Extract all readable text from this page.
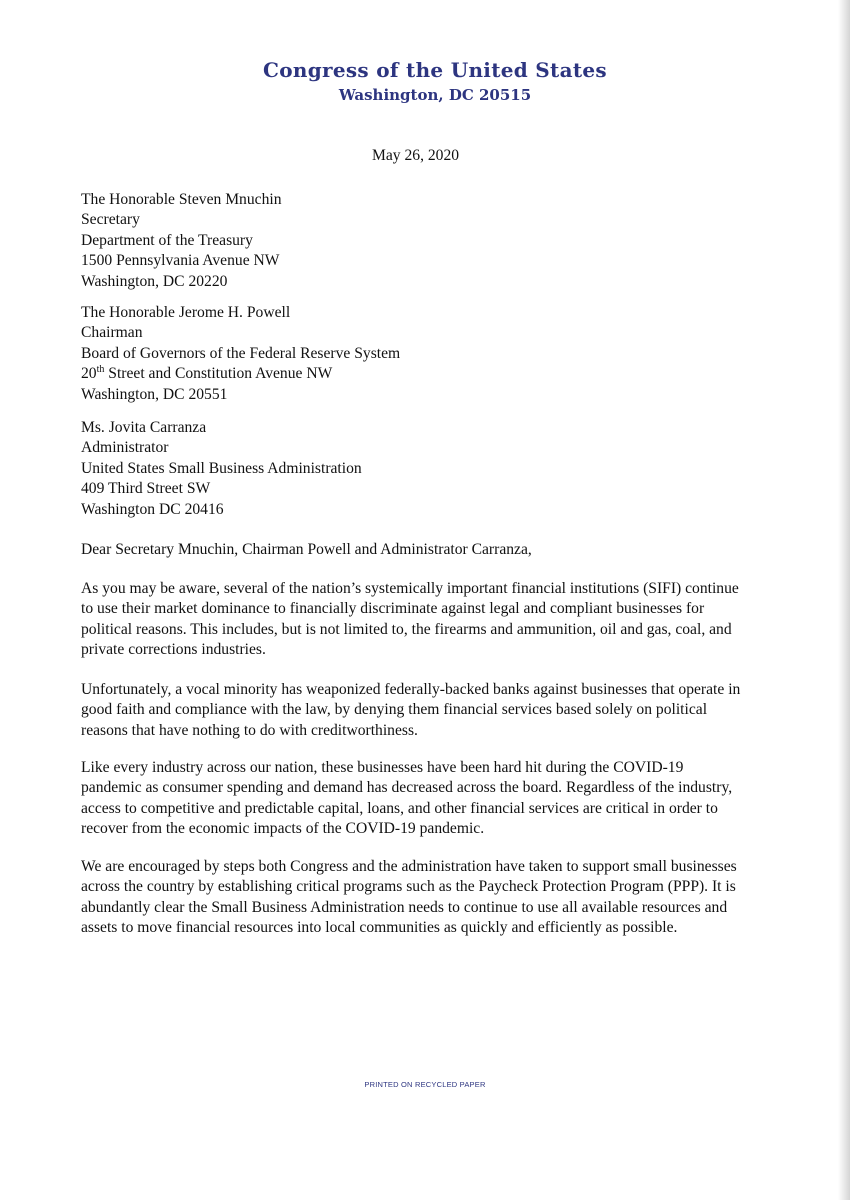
Congress of the United States
Washington, DC 20515
May 26, 2020
The Honorable Steven Mnuchin
Secretary
Department of the Treasury
1500 Pennsylvania Avenue NW
Washington, DC 20220
The Honorable Jerome H. Powell
Chairman
Board of Governors of the Federal Reserve System
20th Street and Constitution Avenue NW
Washington, DC 20551
Ms. Jovita Carranza
Administrator
United States Small Business Administration
409 Third Street SW
Washington DC 20416
Dear Secretary Mnuchin, Chairman Powell and Administrator Carranza,

As you may be aware, several of the nation’s systemically important financial institutions (SIFI) continue to use their market dominance to financially discriminate against legal and compliant businesses for political reasons. This includes, but is not limited to, the firearms and ammunition, oil and gas, coal, and private corrections industries.

Unfortunately, a vocal minority has weaponized federally-backed banks against businesses that operate in good faith and compliance with the law, by denying them financial services based solely on political reasons that have nothing to do with creditworthiness.

Like every industry across our nation, these businesses have been hard hit during the COVID-19 pandemic as consumer spending and demand has decreased across the board. Regardless of the industry, access to competitive and predictable capital, loans, and other financial services are critical in order to recover from the economic impacts of the COVID-19 pandemic.

We are encouraged by steps both Congress and the administration have taken to support small businesses across the country by establishing critical programs such as the Paycheck Protection Program (PPP). It is abundantly clear the Small Business Administration needs to continue to use all available resources and assets to move financial resources into local communities as quickly and efficiently as possible.

PRINTED ON RECYCLED PAPER
